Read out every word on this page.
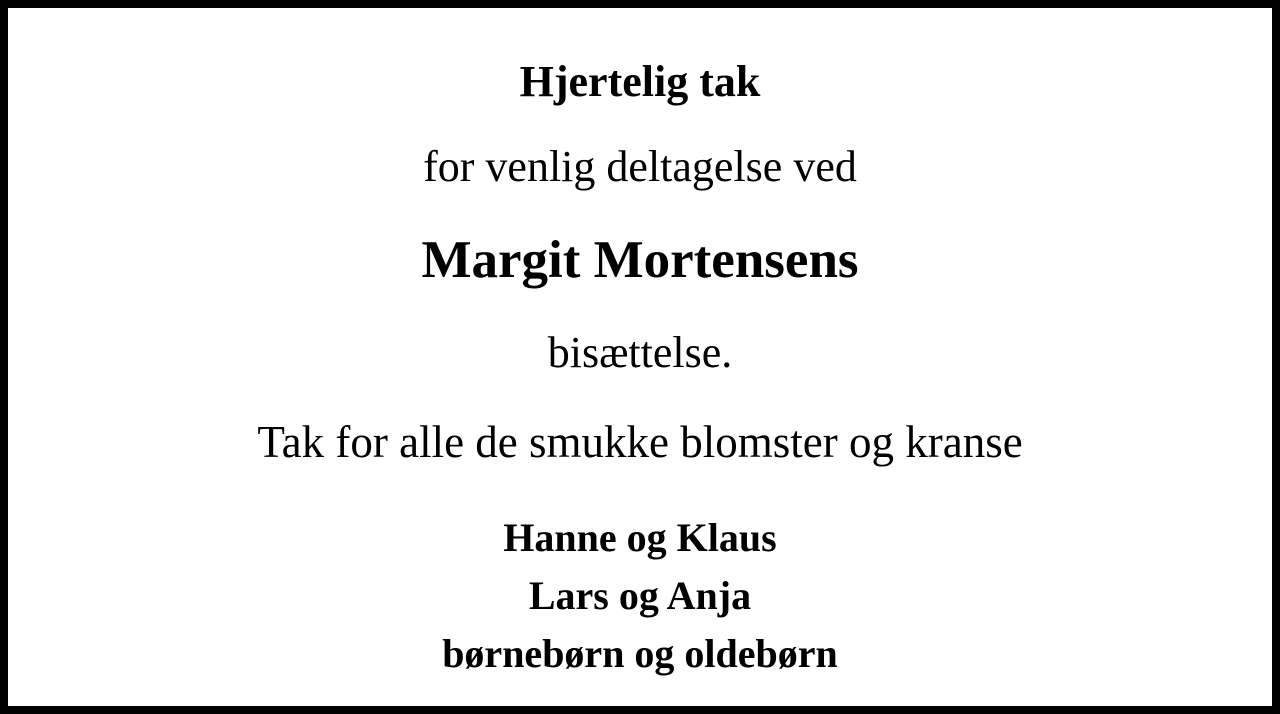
Hjertelig tak
for venlig deltagelse ved
Margit Mortensens
bisættelse.
Tak for alle de smukke blomster og kranse
Hanne og Klaus
Lars og Anja
børnebørn og oldebørn
